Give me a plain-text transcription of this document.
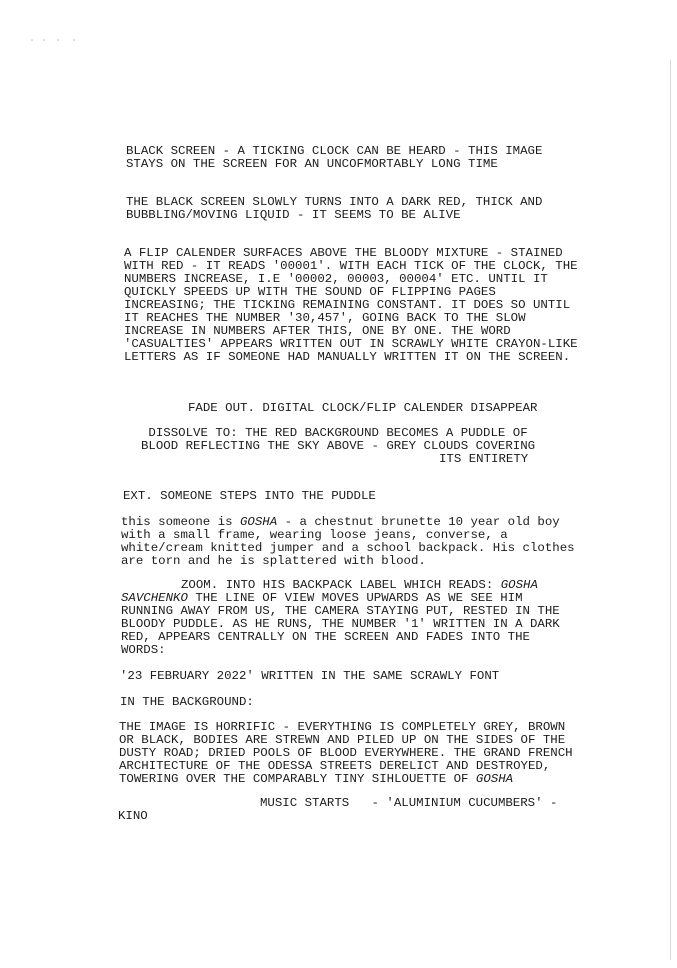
BLACK SCREEN - A TICKING CLOCK CAN BE HEARD - THIS IMAGE
STAYS ON THE SCREEN FOR AN UNCOFMORTABLY LONG TIME

THE BLACK SCREEN SLOWLY TURNS INTO A DARK RED, THICK AND
BUBBLING/MOVING LIQUID - IT SEEMS TO BE ALIVE

A FLIP CALENDER SURFACES ABOVE THE BLOODY MIXTURE - STAINED
WITH RED - IT READS '00001'. WITH EACH TICK OF THE CLOCK, THE
NUMBERS INCREASE, I.E '00002, 00003, 00004' ETC. UNTIL IT
QUICKLY SPEEDS UP WITH THE SOUND OF FLIPPING PAGES
INCREASING; THE TICKING REMAINING CONSTANT. IT DOES SO UNTIL
IT REACHES THE NUMBER '30,457', GOING BACK TO THE SLOW
INCREASE IN NUMBERS AFTER THIS, ONE BY ONE. THE WORD
'CASUALTIES' APPEARS WRITTEN OUT IN SCRAWLY WHITE CRAYON-LIKE
LETTERS AS IF SOMEONE HAD MANUALLY WRITTEN IT ON THE SCREEN.

FADE OUT. DIGITAL CLOCK/FLIP CALENDER DISAPPEAR

DISSOLVE TO: THE RED BACKGROUND BECOMES A PUDDLE OF
BLOOD REFLECTING THE SKY ABOVE - GREY CLOUDS COVERING
ITS ENTIRETY

EXT. SOMEONE STEPS INTO THE PUDDLE

this someone is GOSHA - a chestnut brunette 10 year old boy
with a small frame, wearing loose jeans, converse, a
white/cream knitted jumper and a school backpack. His clothes
are torn and he is splattered with blood.

ZOOM. INTO HIS BACKPACK LABEL WHICH READS: GOSHA
SAVCHENKO THE LINE OF VIEW MOVES UPWARDS AS WE SEE HIM
RUNNING AWAY FROM US, THE CAMERA STAYING PUT, RESTED IN THE
BLOODY PUDDLE. AS HE RUNS, THE NUMBER '1' WRITTEN IN A DARK
RED, APPEARS CENTRALLY ON THE SCREEN AND FADES INTO THE
WORDS:

'23 FEBRUARY 2022' WRITTEN IN THE SAME SCRAWLY FONT

IN THE BACKGROUND:

THE IMAGE IS HORRIFIC - EVERYTHING IS COMPLETELY GREY, BROWN
OR BLACK, BODIES ARE STREWN AND PILED UP ON THE SIDES OF THE
DUSTY ROAD; DRIED POOLS OF BLOOD EVERYWHERE. THE GRAND FRENCH
ARCHITECTURE OF THE ODESSA STREETS DERELICT AND DESTROYED,
TOWERING OVER THE COMPARABLY TINY SIHLOUETTE OF GOSHA

MUSIC STARTS   - 'ALUMINIUM CUCUMBERS' -

KINO
